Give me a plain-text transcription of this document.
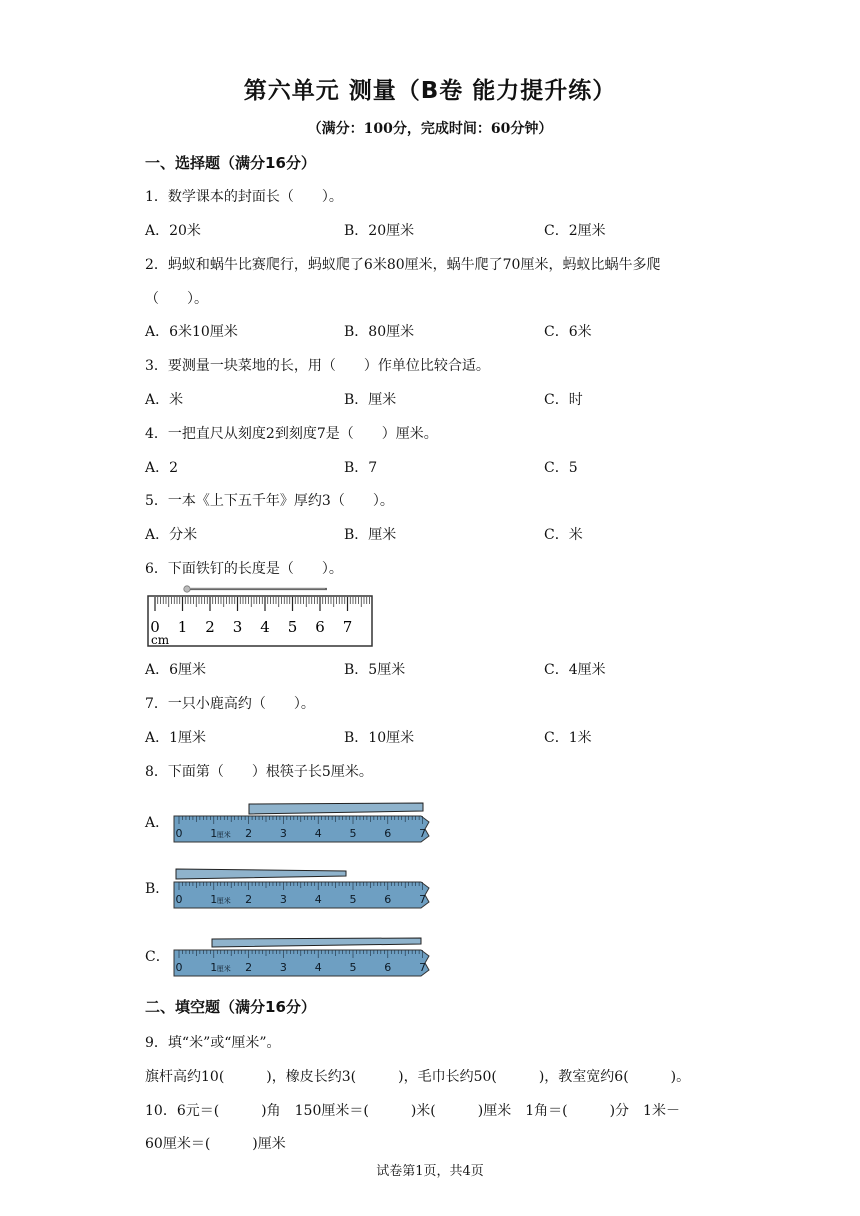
第六单元 测量（B卷 能力提升练）
（满分：100分，完成时间：60分钟）
一、选择题（满分16分）
1．数学课本的封面长（　　）。
A．20米	B．20厘米	C．2厘米
2．蚂蚁和蜗牛比赛爬行，蚂蚁爬了6米80厘米，蜗牛爬了70厘米，蚂蚁比蜗牛多爬
（　　）。
A．6米10厘米	B．80厘米	C．6米
3．要测量一块菜地的长，用（　　）作单位比较合适。
A．米	B．厘米	C．时
4．一把直尺从刻度2到刻度7是（　　）厘米。
A．2	B．7	C．5
5．一本《上下五千年》厚约3（　　）。
A．分米	B．厘米	C．米
6．下面铁钉的长度是（　　）。
0 1 2 3 4 5 6 7
cm
A．6厘米	B．5厘米	C．4厘米
7．一只小鹿高约（　　）。
A．1厘米	B．10厘米	C．1米
8．下面第（　　）根筷子长5厘米。
A．
0	1	2	3	4	5	6	7
厘米
B．
0	1	2	3	4	5	6	7
厘米
C．
0	1	2	3	4	5	6	7
厘米
二、填空题（满分16分）
9．填“米”或“厘米”。
旗杆高约10(　　　)，橡皮长约3(　　　)，毛巾长约50(　　　)，教室宽约6(　　　)。
10．6元＝(　　　)角　150厘米＝(　　　)米(　　　)厘米　1角＝(　　　)分　1米－
60厘米＝(　　　)厘米
试卷第1页，共4页
